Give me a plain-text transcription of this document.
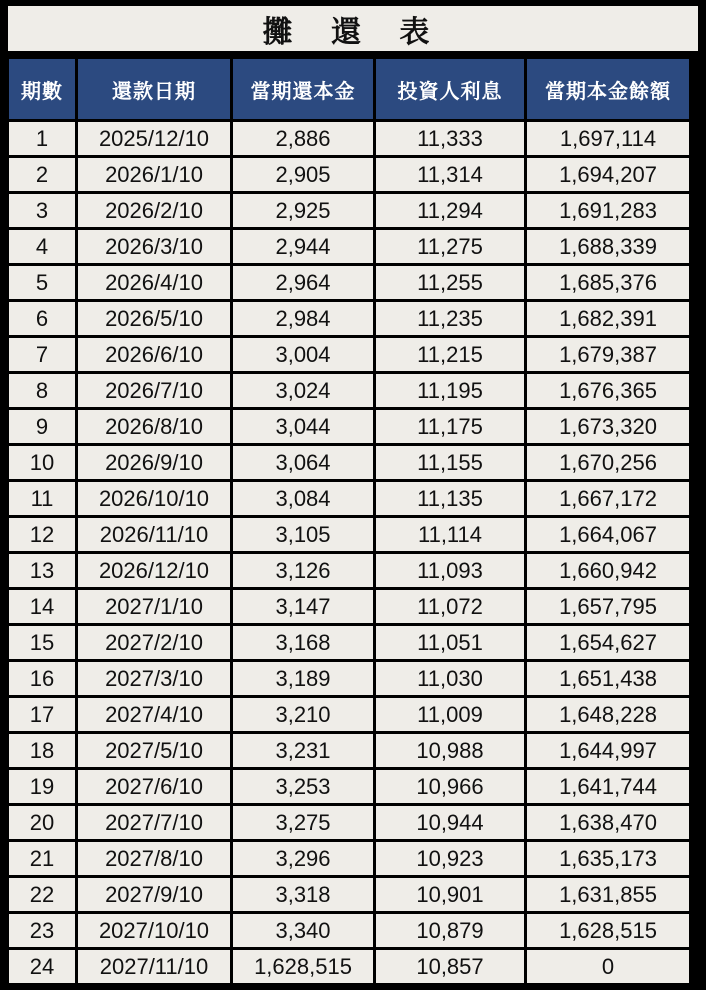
攤 還 表
期數	還款日期	當期還本金	投資人利息	當期本金餘額
1	2025/12/10	2,886	11,333	1,697,114
2	2026/1/10	2,905	11,314	1,694,207
3	2026/2/10	2,925	11,294	1,691,283
4	2026/3/10	2,944	11,275	1,688,339
5	2026/4/10	2,964	11,255	1,685,376
6	2026/5/10	2,984	11,235	1,682,391
7	2026/6/10	3,004	11,215	1,679,387
8	2026/7/10	3,024	11,195	1,676,365
9	2026/8/10	3,044	11,175	1,673,320
10	2026/9/10	3,064	11,155	1,670,256
11	2026/10/10	3,084	11,135	1,667,172
12	2026/11/10	3,105	11,114	1,664,067
13	2026/12/10	3,126	11,093	1,660,942
14	2027/1/10	3,147	11,072	1,657,795
15	2027/2/10	3,168	11,051	1,654,627
16	2027/3/10	3,189	11,030	1,651,438
17	2027/4/10	3,210	11,009	1,648,228
18	2027/5/10	3,231	10,988	1,644,997
19	2027/6/10	3,253	10,966	1,641,744
20	2027/7/10	3,275	10,944	1,638,470
21	2027/8/10	3,296	10,923	1,635,173
22	2027/9/10	3,318	10,901	1,631,855
23	2027/10/10	3,340	10,879	1,628,515
24	2027/11/10	1,628,515	10,857	0
